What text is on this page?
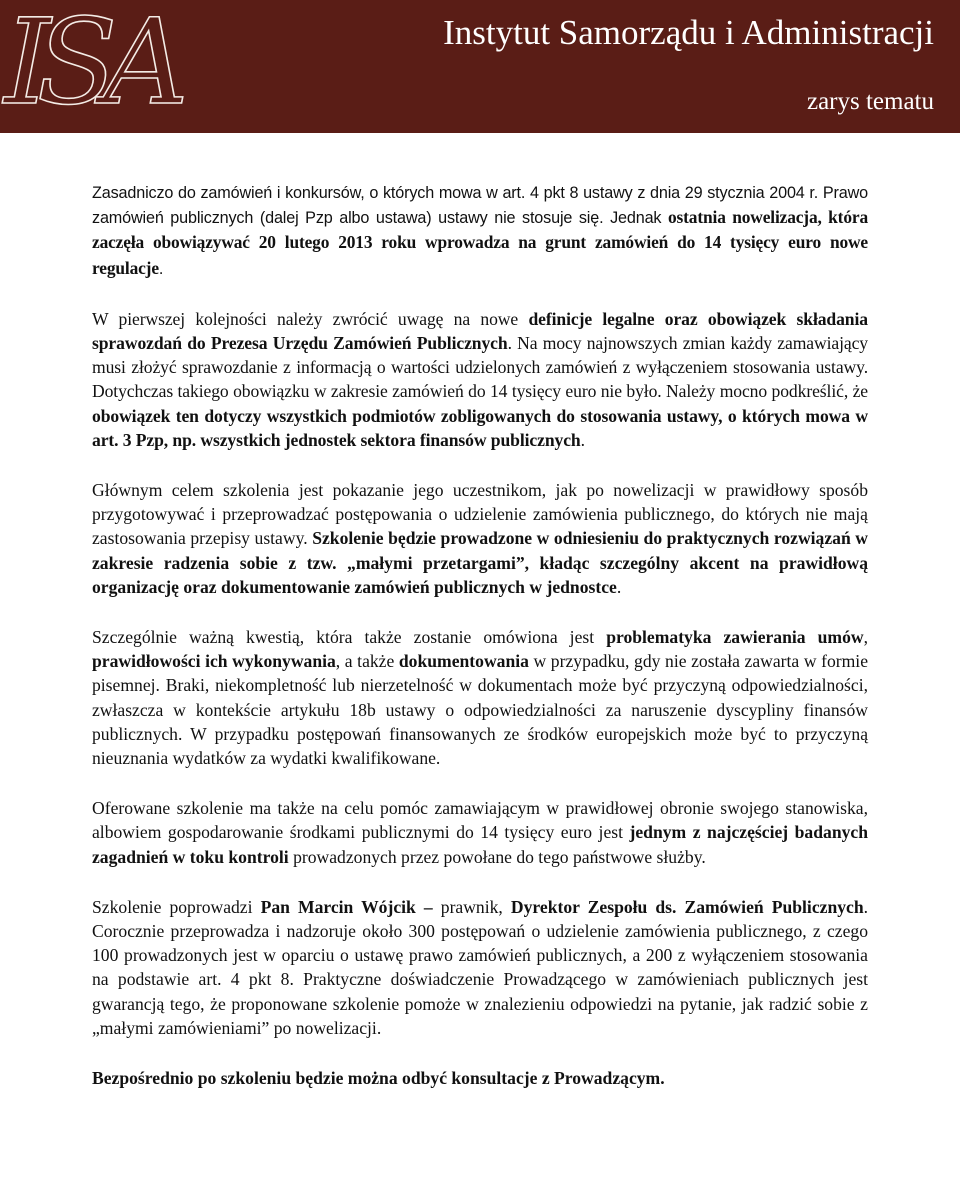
ISA	Instytut Samorządu i Administracji
zarys tematu

Zasadniczo do zamówień i konkursów, o których mowa w art. 4 pkt 8 ustawy z dnia 29 stycznia 2004 r. Prawo zamówień publicznych (dalej Pzp albo ustawa) ustawy nie stosuje się. Jednak ostatnia nowelizacja, która zaczęła obowiązywać 20 lutego 2013 roku wprowadza na grunt zamówień do 14 tysięcy euro nowe regulacje.

W pierwszej kolejności należy zwrócić uwagę na nowe definicje legalne oraz obowiązek składania sprawozdań do Prezesa Urzędu Zamówień Publicznych. Na mocy najnowszych zmian każdy zamawiający musi złożyć sprawozdanie z informacją o wartości udzielonych zamówień z wyłączeniem stosowania ustawy. Dotychczas takiego obowiązku w zakresie zamówień do 14 tysięcy euro nie było. Należy mocno podkreślić, że obowiązek ten dotyczy wszystkich podmiotów zobligowanych do stosowania ustawy, o których mowa w art. 3 Pzp, np. wszystkich jednostek sektora finansów publicznych.

Głównym celem szkolenia jest pokazanie jego uczestnikom, jak po nowelizacji w prawidłowy sposób przygotowywać i przeprowadzać postępowania o udzielenie zamówienia publicznego, do których nie mają zastosowania przepisy ustawy. Szkolenie będzie prowadzone w odniesieniu do praktycznych rozwiązań w zakresie radzenia sobie z tzw. „małymi przetargami”, kładąc szczególny akcent na prawidłową organizację oraz dokumentowanie zamówień publicznych w jednostce.

Szczególnie ważną kwestią, która także zostanie omówiona jest problematyka zawierania umów, prawidłowości ich wykonywania, a także dokumentowania w przypadku, gdy nie została zawarta w formie pisemnej. Braki, niekompletność lub nierzetelność w dokumentach może być przyczyną odpowiedzialności, zwłaszcza w kontekście artykułu 18b ustawy o odpowiedzialności za naruszenie dyscypliny finansów publicznych. W przypadku postępowań finansowanych ze środków europejskich może być to przyczyną nieuznania wydatków za wydatki kwalifikowane.

Oferowane szkolenie ma także na celu pomóc zamawiającym w prawidłowej obronie swojego stanowiska, albowiem gospodarowanie środkami publicznymi do 14 tysięcy euro jest jednym z najczęściej badanych zagadnień w toku kontroli prowadzonych przez powołane do tego państwowe służby.

Szkolenie poprowadzi Pan Marcin Wójcik – prawnik, Dyrektor Zespołu ds. Zamówień Publicznych. Corocznie przeprowadza i nadzoruje około 300 postępowań o udzielenie zamówienia publicznego, z czego 100 prowadzonych jest w oparciu o ustawę prawo zamówień publicznych, a 200 z wyłączeniem stosowania na podstawie art. 4 pkt 8. Praktyczne doświadczenie Prowadzącego w zamówieniach publicznych jest gwarancją tego, że proponowane szkolenie pomoże w znalezieniu odpowiedzi na pytanie, jak radzić sobie z „małymi zamówieniami” po nowelizacji.

Bezpośrednio po szkoleniu będzie można odbyć konsultacje z Prowadzącym.
